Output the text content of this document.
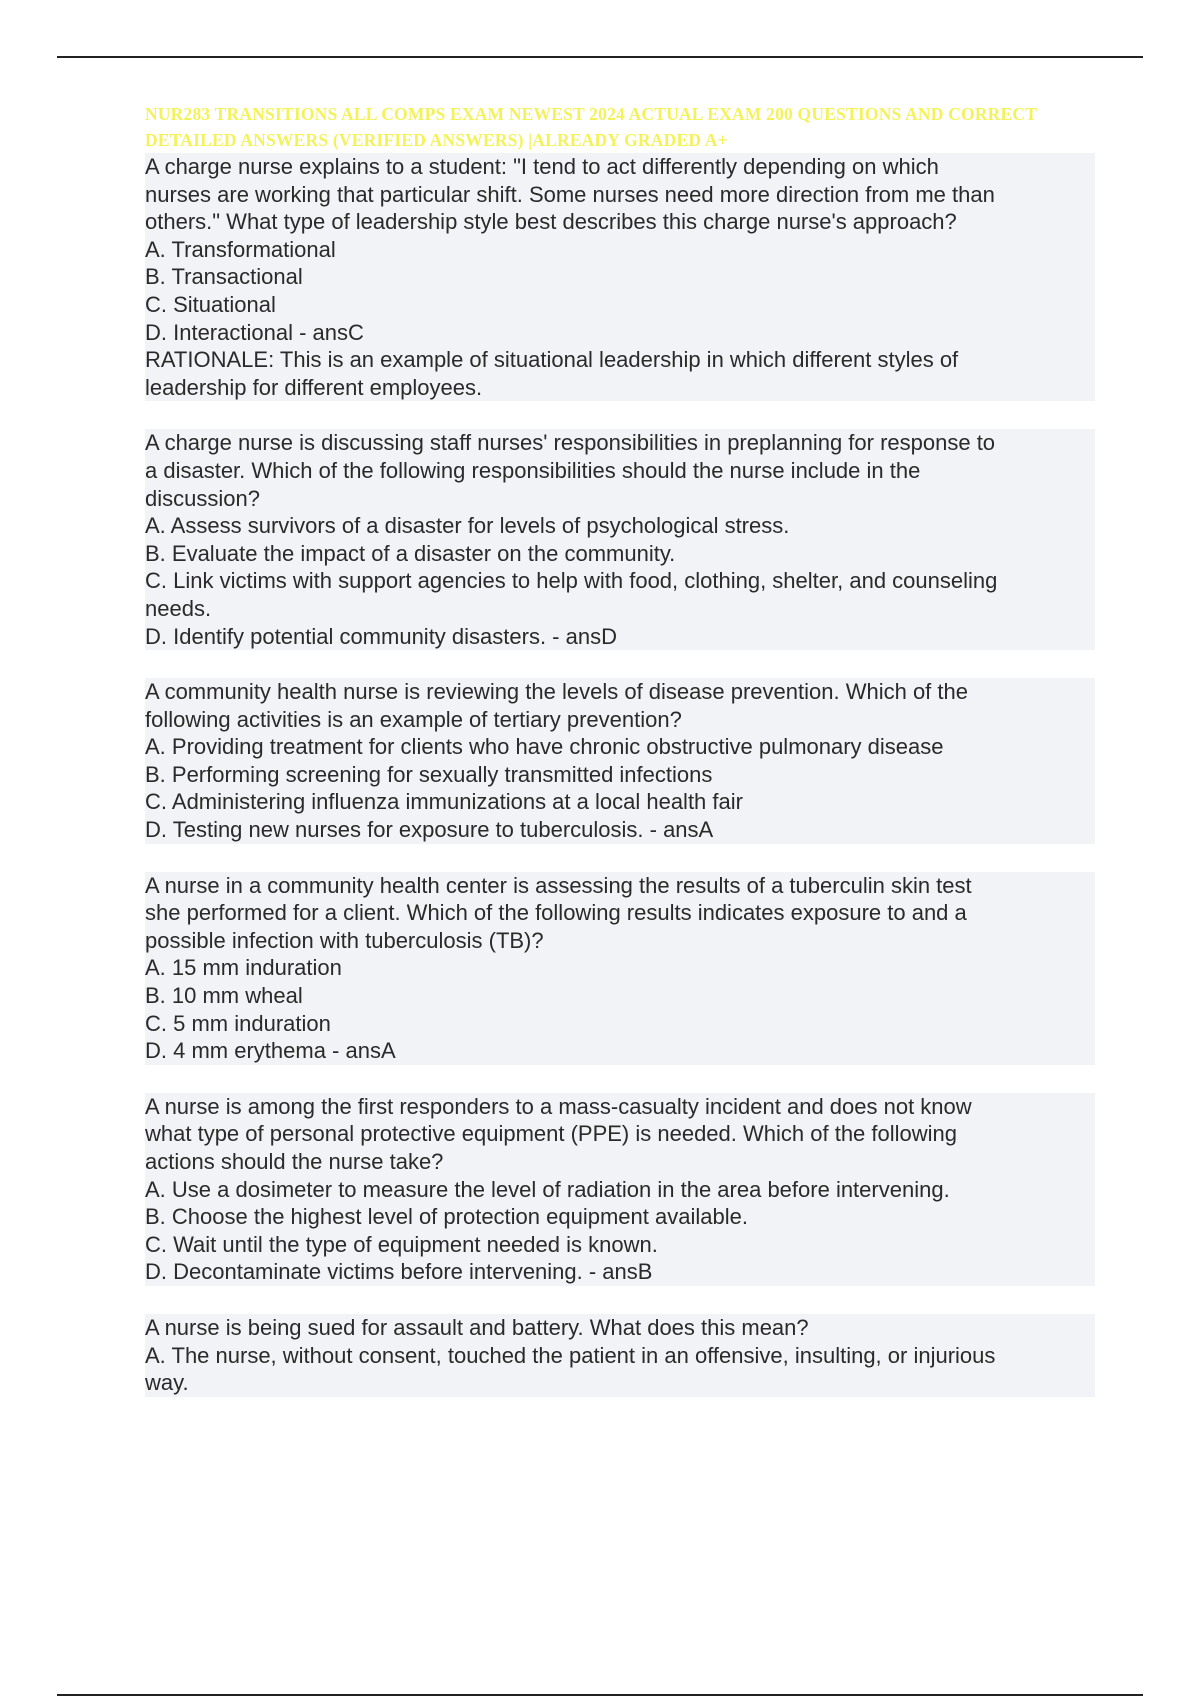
NUR283 TRANSITIONS ALL COMPS EXAM NEWEST 2024 ACTUAL EXAM 200 QUESTIONS AND CORRECT DETAILED ANSWERS (VERIFIED ANSWERS) |ALREADY GRADED A+

A charge nurse explains to a student: "I tend to act differently depending on which
nurses are working that particular shift. Some nurses need more direction from me than
others." What type of leadership style best describes this charge nurse's approach?
A. Transformational
B. Transactional
C. Situational
D. Interactional - ansC
RATIONALE: This is an example of situational leadership in which different styles of
leadership for different employees.
A charge nurse is discussing staff nurses' responsibilities in preplanning for response to
a disaster. Which of the following responsibilities should the nurse include in the
discussion?
A. Assess survivors of a disaster for levels of psychological stress.
B. Evaluate the impact of a disaster on the community.
C. Link victims with support agencies to help with food, clothing, shelter, and counseling
needs.
D. Identify potential community disasters. - ansD
A community health nurse is reviewing the levels of disease prevention. Which of the
following activities is an example of tertiary prevention?
A. Providing treatment for clients who have chronic obstructive pulmonary disease
B. Performing screening for sexually transmitted infections
C. Administering influenza immunizations at a local health fair
D. Testing new nurses for exposure to tuberculosis. - ansA
A nurse in a community health center is assessing the results of a tuberculin skin test
she performed for a client. Which of the following results indicates exposure to and a
possible infection with tuberculosis (TB)?
A. 15 mm induration
B. 10 mm wheal
C. 5 mm induration
D. 4 mm erythema - ansA
A nurse is among the first responders to a mass-casualty incident and does not know
what type of personal protective equipment (PPE) is needed. Which of the following
actions should the nurse take?
A. Use a dosimeter to measure the level of radiation in the area before intervening.
B. Choose the highest level of protection equipment available.
C. Wait until the type of equipment needed is known.
D. Decontaminate victims before intervening. - ansB
A nurse is being sued for assault and battery. What does this mean?
A. The nurse, without consent, touched the patient in an offensive, insulting, or injurious
way.
